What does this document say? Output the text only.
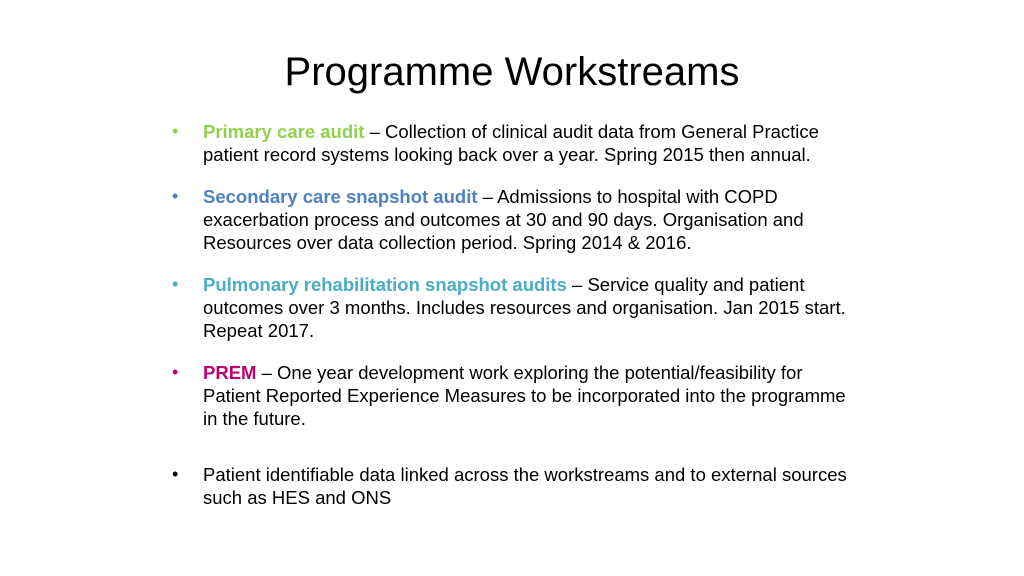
Programme Workstreams
•	Primary care audit – Collection of clinical audit data from General Practice patient record systems looking back over a year. Spring 2015 then annual.
•	Secondary care snapshot audit – Admissions to hospital with COPD exacerbation process and outcomes at 30 and 90 days. Organisation and Resources over data collection period. Spring 2014 & 2016.
•	Pulmonary rehabilitation snapshot audits – Service quality and patient outcomes over 3 months. Includes resources and organisation. Jan 2015 start. Repeat 2017.
•	PREM – One year development work exploring the potential/feasibility for Patient Reported Experience Measures to be incorporated into the programme in the future.
•	Patient identifiable data linked across the workstreams and to external sources such as HES and ONS
